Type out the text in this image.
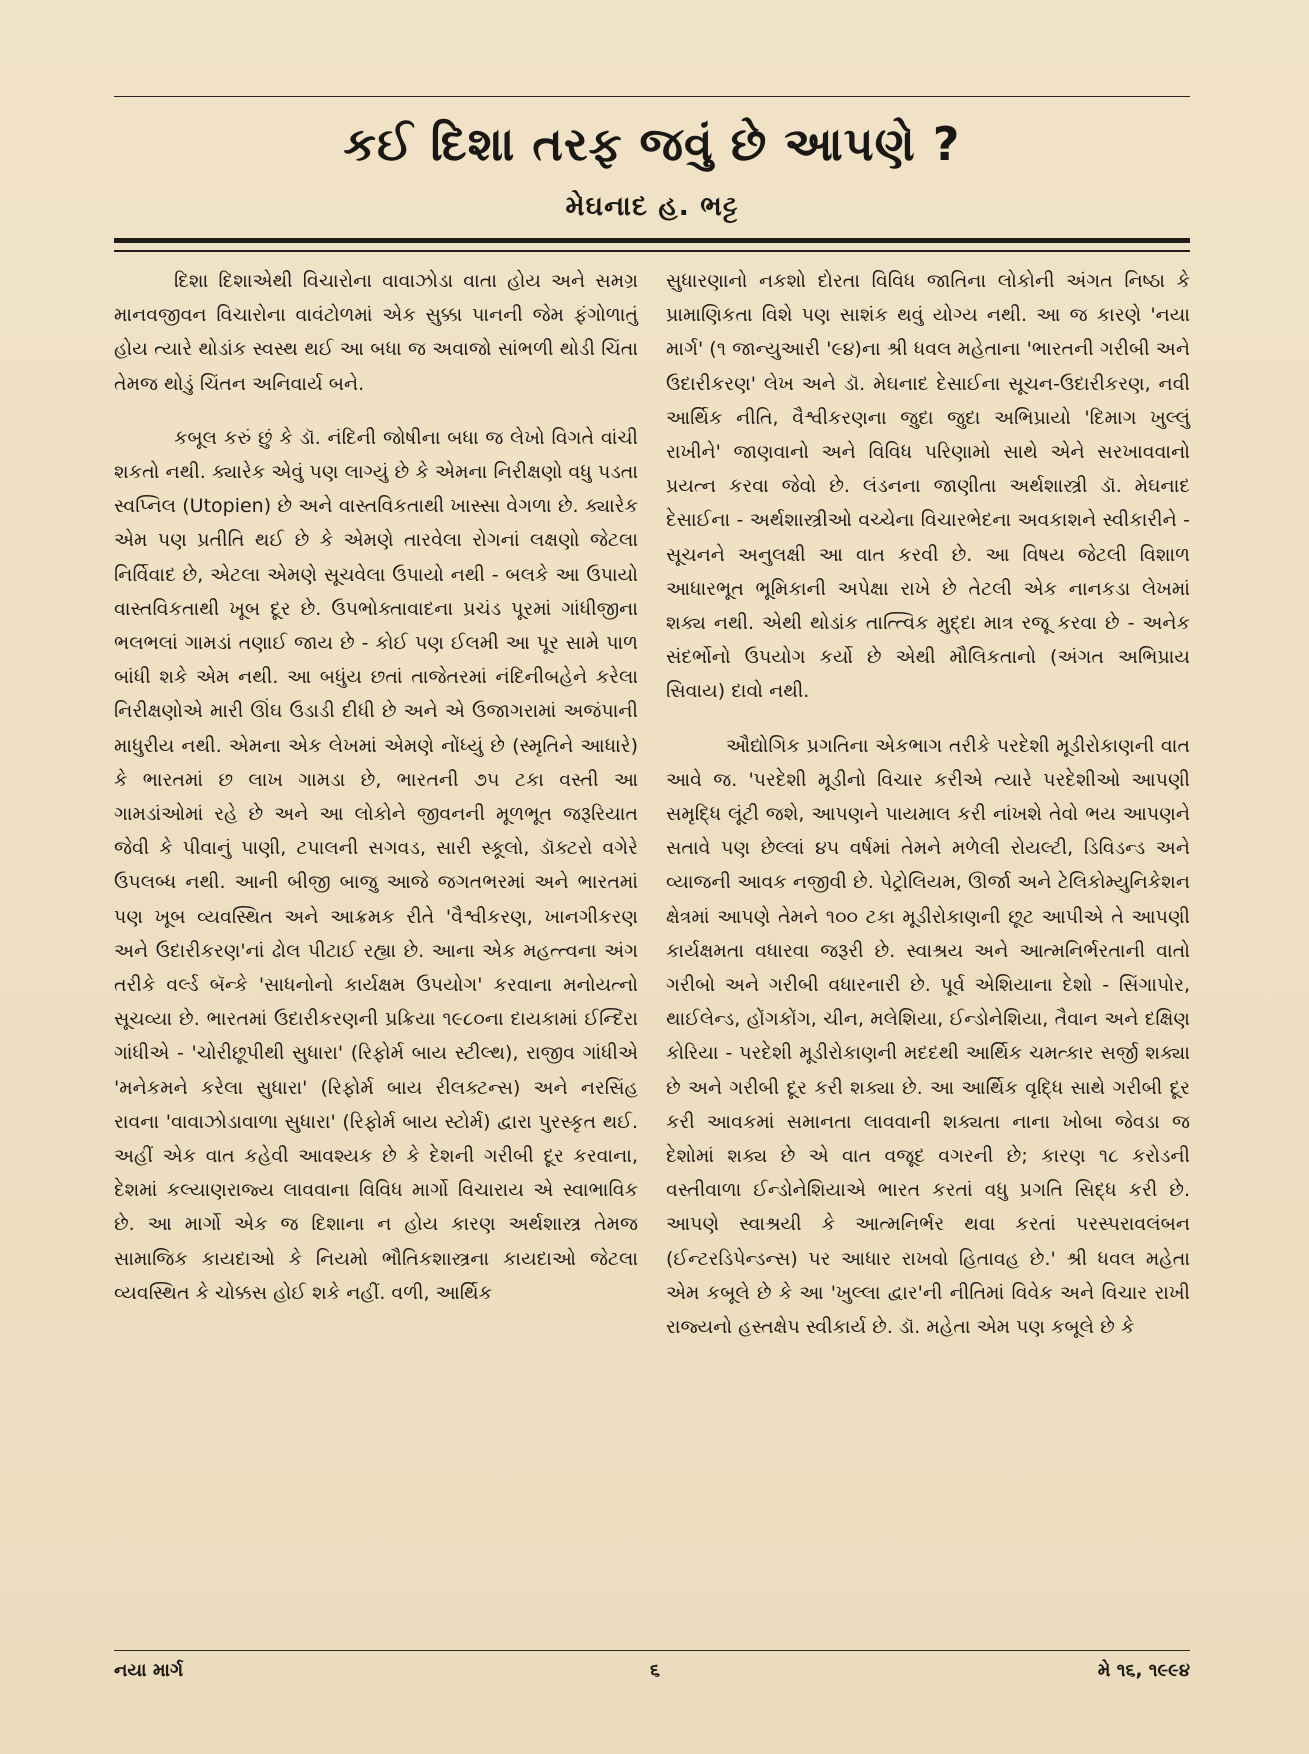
કઈ દિશા તરફ જવું છે આપણે ?
મેઘનાદ હ. ભટ્ટ

દિશા દિશાએથી વિચારોના વાવાઝોડા વાતા હોય અને સમગ્ર માનવજીવન વિચારોના વાવંટોળમાં એક સુક્કા પાનની જેમ ફંગોળાતું હોય ત્યારે થોડાંક સ્વસ્થ થઈ આ બધા જ અવાજો સાંભળી થોડી ચિંતા તેમજ થોડું ચિંતન અનિવાર્ય બને.

કબૂલ કરું છું કે ડૉ. નંદિની જોષીના બધા જ લેખો વિગતે વાંચી શકતો નથી. ક્યારેક એવું પણ લાગ્યું છે કે એમના નિરીક્ષણો વધુ પડતા સ્વપ્નિલ (Utopien) છે અને વાસ્તવિકતાથી ખાસ્સા વેગળા છે. ક્યારેક એમ પણ પ્રતીતિ થઈ છે કે એમણે તારવેલા રોગનાં લક્ષણો જેટલા નિર્વિવાદ છે, એટલા એમણે સૂચવેલા ઉપાયો નથી - બલકે આ ઉપાયો વાસ્તવિકતાથી ખૂબ દૂર છે. ઉપભોક્તાવાદના પ્રચંડ પૂરમાં ગાંધીજીના ભલભલાં ગામડાં તણાઈ જાય છે - કોઈ પણ ઈલમી આ પૂર સામે પાળ બાંધી શકે એમ નથી. આ બધુંય છતાં તાજેતરમાં નંદિનીબહેને કરેલા નિરીક્ષણોએ મારી ઊંઘ ઉડાડી દીધી છે અને એ ઉજાગરામાં અજંપાની માધુરીય નથી. એમના એક લેખમાં એમણે નોંધ્યું છે (સ્મૃતિને આધારે) કે ભારતમાં છ લાખ ગામડા છે, ભારતની ૭૫ ટકા વસ્તી આ ગામડાંઓમાં રહે છે અને આ લોકોને જીવનની મૂળભૂત જરૂરિયાત જેવી કે પીવાનું પાણી, ટપાલની સગવડ, સારી સ્કૂલો, ડૉક્ટરો વગેરે ઉપલબ્ધ નથી. આની બીજી બાજુ આજે જગતભરમાં અને ભારતમાં પણ ખૂબ વ્યવસ્થિત અને આક્રમક રીતે 'વૈશ્વીકરણ, ખાનગીકરણ અને ઉદારીકરણ'નાં ઢોલ પીટાઈ રહ્યા છે. આના એક મહત્ત્વના અંગ તરીકે વર્લ્ડ બૅન્કે 'સાધનોનો કાર્યક્ષમ ઉપયોગ' કરવાના મનોયત્નો સૂચવ્યા છે. ભારતમાં ઉદારીકરણની પ્રક્રિયા ૧૯૮૦ના દાયકામાં ઈન્દિરા ગાંધીએ - 'ચોરીછૂપીથી સુધારા' (રિફોર્મ બાય સ્ટીલ્થ), રાજીવ ગાંધીએ 'મનેકમને કરેલા સુધારા' (રિફોર્મ બાય રીલક્ટન્સ) અને નરસિંહ રાવના 'વાવાઝોડાવાળા સુધારા' (રિફોર્મ બાય સ્ટોર્મ) દ્વારા પુરસ્કૃત થઈ. અહીં એક વાત કહેવી આવશ્યક છે કે દેશની ગરીબી દૂર કરવાના, દેશમાં કલ્યાણરાજ્ય લાવવાના વિવિધ માર્ગો વિચારાય એ સ્વાભાવિક છે. આ માર્ગો એક જ દિશાના ન હોય કારણ અર્થશાસ્ત્ર તેમજ સામાજિક કાયદાઓ કે નિયમો ભૌતિકશાસ્ત્રના કાયદાઓ જેટલા વ્યવસ્થિત કે ચોક્કસ હોઈ શકે નહીં. વળી, આર્થિક

સુધારણાનો નકશો દોરતા વિવિધ જાતિના લોકોની અંગત નિષ્ઠા કે પ્રામાણિકતા વિશે પણ સાશંક થવું યોગ્ય નથી. આ જ કારણે 'નયા માર્ગ' (૧ જાન્યુઆરી '૯૪)ના શ્રી ધવલ મહેતાના 'ભારતની ગરીબી અને ઉદારીકરણ' લેખ અને ડૉ. મેઘનાદ દેસાઈના સૂચન-ઉદારીકરણ, નવી આર્થિક નીતિ, વૈશ્વીકરણના જુદા જુદા અભિપ્રાયો 'દિમાગ ખુલ્લું રાખીને' જાણવાનો અને વિવિધ પરિણામો સાથે એને સરખાવવાનો પ્રયત્ન કરવા જેવો છે. લંડનના જાણીતા અર્થશાસ્ત્રી ડૉ. મેઘનાદ દેસાઈના - અર્થશાસ્ત્રીઓ વચ્ચેના વિચારભેદના અવકાશને સ્વીકારીને - સૂચનને અનુલક્ષી આ વાત કરવી છે. આ વિષય જેટલી વિશાળ આધારભૂત ભૂમિકાની અપેક્ષા રાખે છે તેટલી એક નાનકડા લેખમાં શક્ય નથી. એથી થોડાંક તાત્ત્વિક મુદ્દા માત્ર રજૂ કરવા છે - અનેક સંદર્ભોનો ઉપયોગ કર્યો છે એથી મૌલિકતાનો (અંગત અભિપ્રાય સિવાય) દાવો નથી.

ઔદ્યોગિક પ્રગતિના એકભાગ તરીકે પરદેશી મૂડીરોકાણની વાત આવે જ. 'પરદેશી મૂડીનો વિચાર કરીએ ત્યારે પરદેશીઓ આપણી સમૃદ્ધિ લૂંટી જશે, આપણને પાયમાલ કરી નાંખશે તેવો ભય આપણને સતાવે પણ છેલ્લાં ૪૫ વર્ષમાં તેમને મળેલી રોયલ્ટી, ડિવિડન્ડ અને વ્યાજની આવક નજીવી છે. પેટ્રોલિયમ, ઊર્જા અને ટેલિકોમ્યુનિકેશન ક્ષેત્રમાં આપણે તેમને ૧૦૦ ટકા મૂડીરોકાણની છૂટ આપીએ તે આપણી કાર્યક્ષમતા વધારવા જરૂરી છે. સ્વાશ્રય અને આત્મનિર્ભરતાની વાતો ગરીબો અને ગરીબી વધારનારી છે. પૂર્વ એશિયાના દેશો - સિંગાપોર, થાઈલેન્ડ, હોંગકોંગ, ચીન, મલેશિયા, ઈન્ડોનેશિયા, તૈવાન અને દક્ષિણ કોરિયા - પરદેશી મૂડીરોકાણની મદદથી આર્થિક ચમત્કાર સર્જી શક્યા છે અને ગરીબી દૂર કરી શક્યા છે. આ આર્થિક વૃદ્ધિ સાથે ગરીબી દૂર કરી આવકમાં સમાનતા લાવવાની શક્યતા નાના ખોબા જેવડા જ દેશોમાં શક્ય છે એ વાત વજૂદ વગરની છે; કારણ ૧૮ કરોડની વસ્તીવાળા ઈન્ડોનેશિયાએ ભારત કરતાં વધુ પ્રગતિ સિદ્ધ કરી છે. આપણે સ્વાશ્રયી કે આત્મનિર્ભર થવા કરતાં પરસ્પરાવલંબન (ઈન્ટરડિપેન્ડન્સ) પર આધાર રાખવો હિતાવહ છે.' શ્રી ધવલ મહેતા એમ કબૂલે છે કે આ 'ખુલ્લા દ્વાર'ની નીતિમાં વિવેક અને વિચાર રાખી રાજ્યનો હસ્તક્ષેપ સ્વીકાર્ય છે. ડૉ. મહેતા એમ પણ કબૂલે છે કે

નયા માર્ગ	૬	મે ૧૬, ૧૯૯૪
